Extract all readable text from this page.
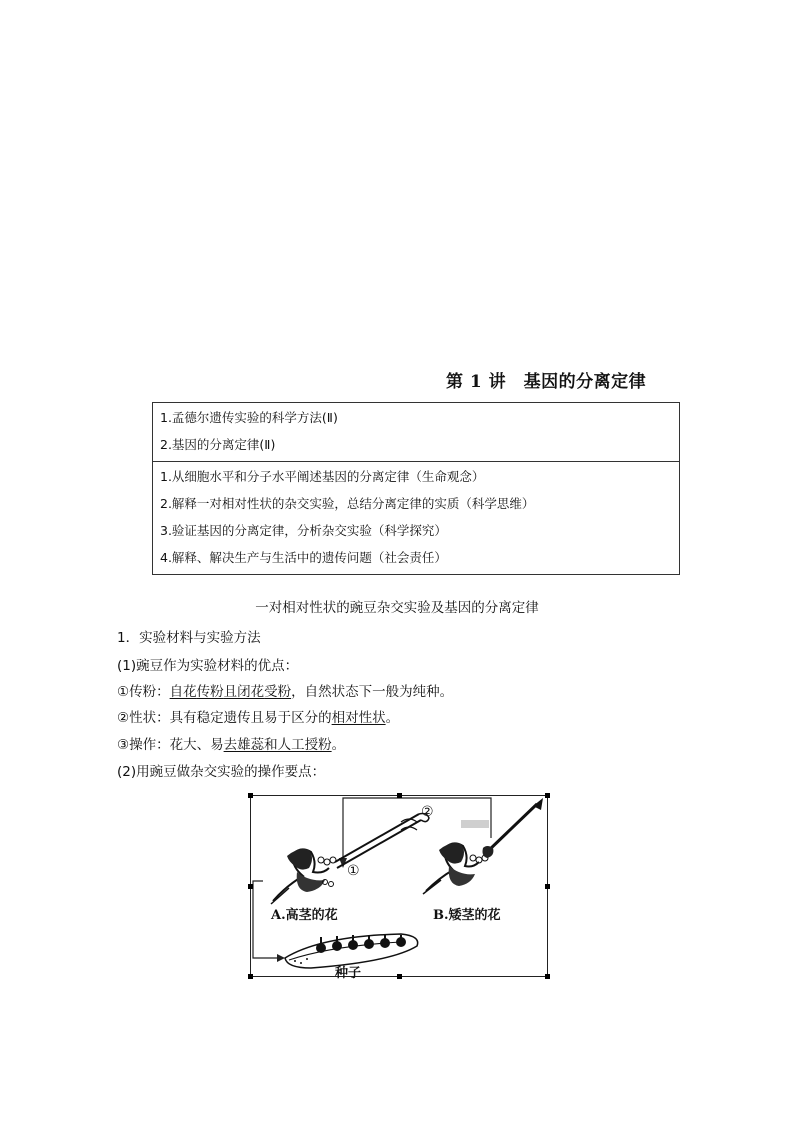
第 1 讲　基因的分离定律
1.孟德尔遗传实验的科学方法(Ⅱ)
2.基因的分离定律(Ⅱ)
1.从细胞水平和分子水平阐述基因的分离定律（生命观念）
2.解释一对相对性状的杂交实验，总结分离定律的实质（科学思维）
3.验证基因的分离定律，分析杂交实验（科学探究）
4.解释、解决生产与生活中的遗传问题（社会责任）
一对相对性状的豌豆杂交实验及基因的分离定律
1．实验材料与实验方法
(1)豌豆作为实验材料的优点：
①传粉：自花传粉且闭花受粉，自然状态下一般为纯种。
②性状：具有稳定遗传且易于区分的相对性状。
③操作：花大、易去雄蕊和人工授粉。
(2)用豌豆做杂交实验的操作要点：
①
②
A.高茎的花	B.矮茎的花
种子
